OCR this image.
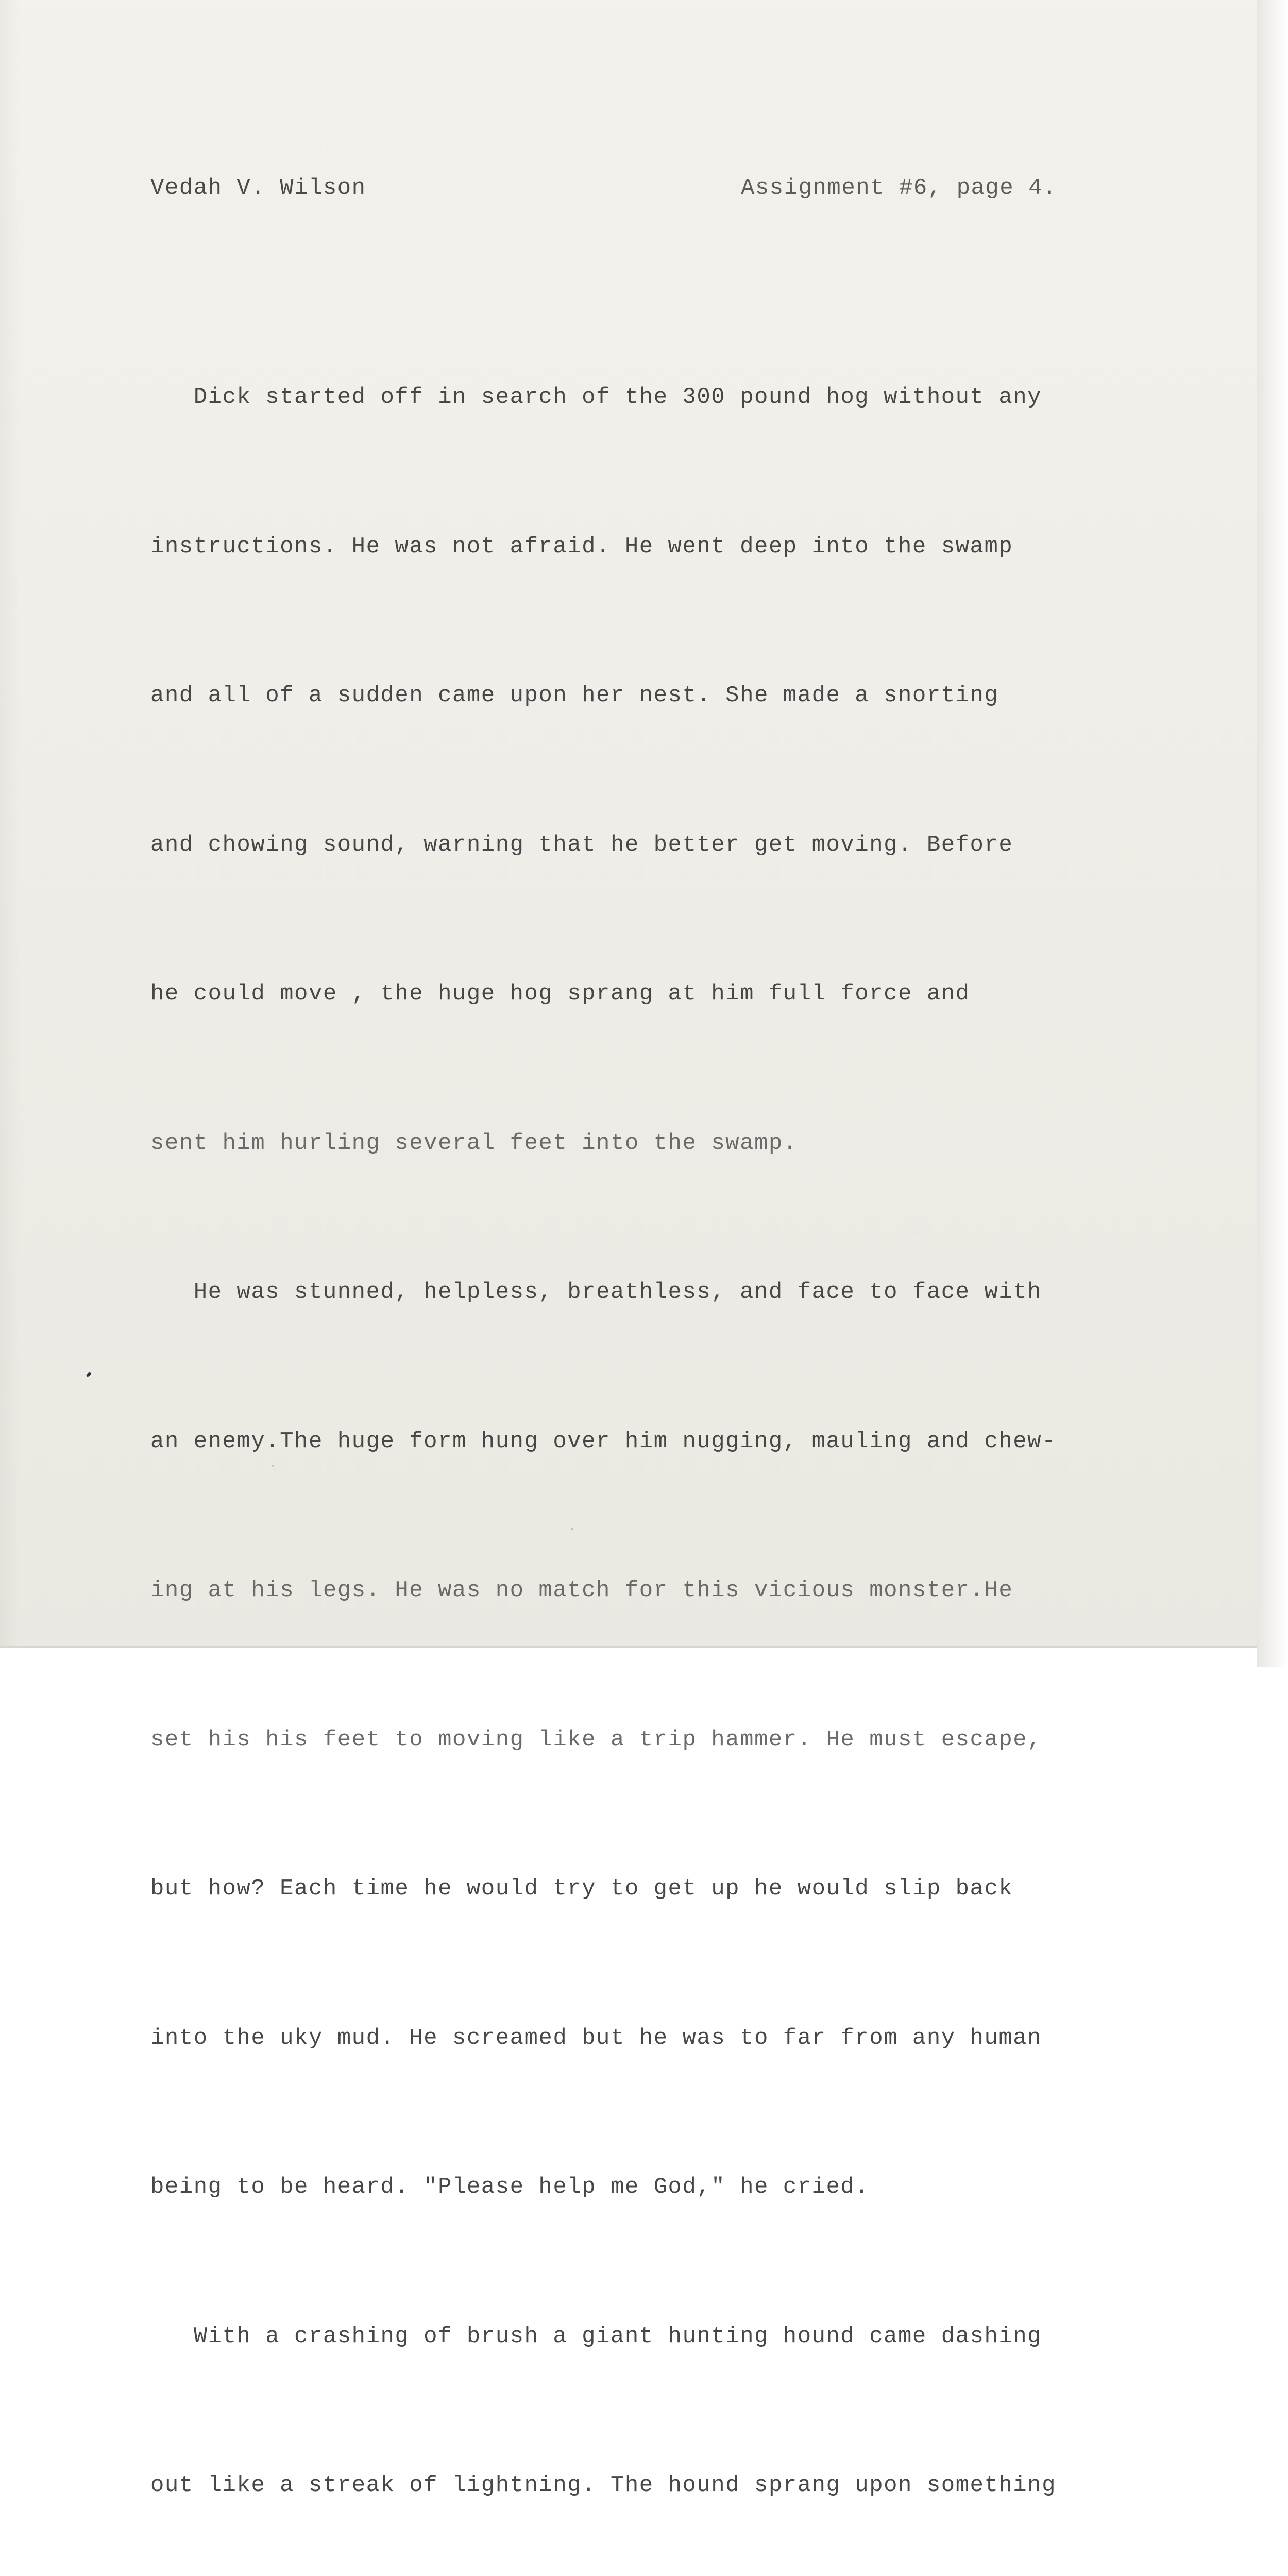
Vedah V. Wilson	Assignment #6, page 4.

Dick started off in search of the 300 pound hog without any

instructions. He was not afraid. He went deep into the swamp

and all of a sudden came upon her nest. She made a snorting

and chowing sound, warning that he better get moving. Before

he could move , the huge hog sprang at him full force and

sent him hurling several feet into the swamp.

He was stunned, helpless, breathless, and face to face with

an enemy.The huge form hung over him nugging, mauling and chew-

ing at his legs. He was no match for this vicious monster.He

set his his feet to moving like a trip hammer. He must escape,

but how? Each time he would try to get up he would slip back

into the uky mud. He screamed but he was to far from any human

being to be heard. "Please help me God," he cried.

With a crashing of brush a giant hunting hound came dashing

out like a streak of lightning. The hound sprang upon something
